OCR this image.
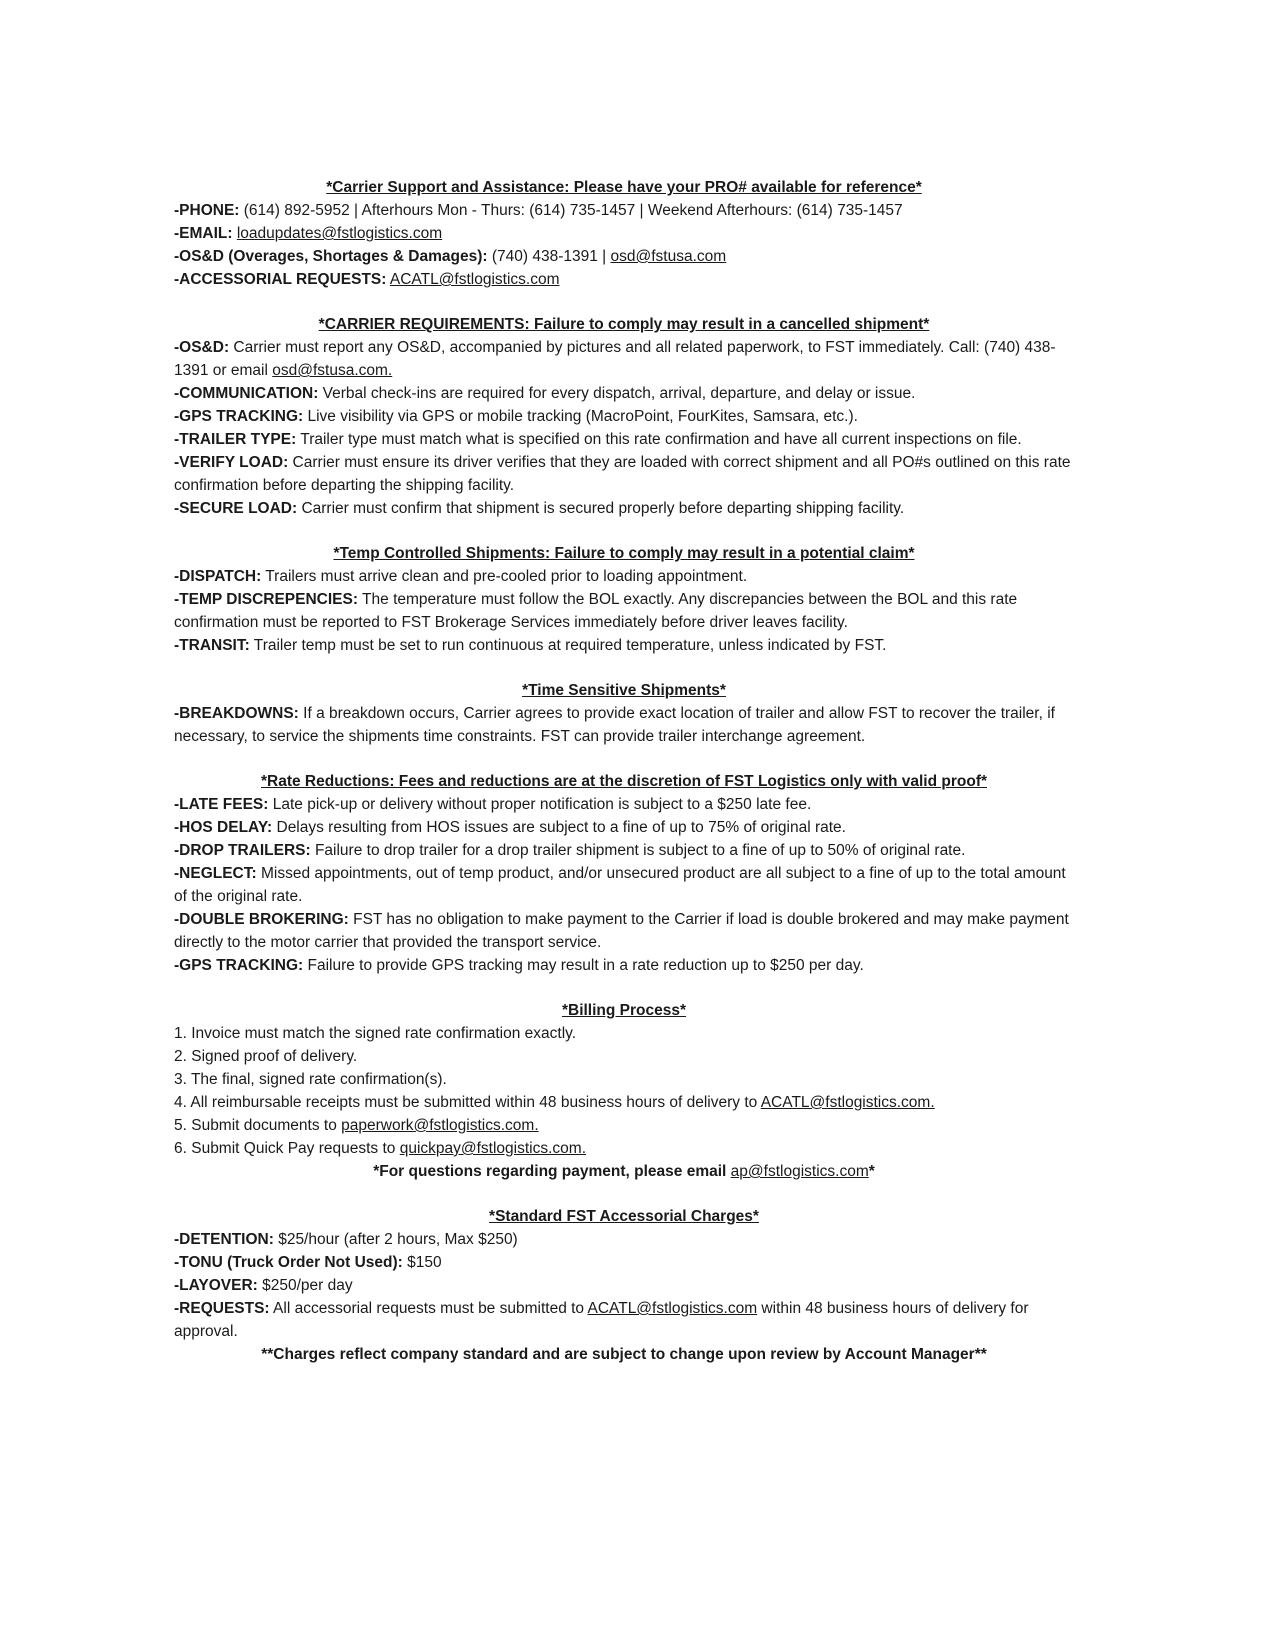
*Carrier Support and Assistance: Please have your PRO# available for reference*
-PHONE: (614) 892-5952 | Afterhours Mon - Thurs: (614) 735-1457 | Weekend Afterhours: (614) 735-1457
-EMAIL: loadupdates@fstlogistics.com
-OS&D (Overages, Shortages & Damages): (740) 438-1391 | osd@fstusa.com
-ACCESSORIAL REQUESTS: ACATL@fstlogistics.com
*CARRIER REQUIREMENTS: Failure to comply may result in a cancelled shipment*
-OS&D: Carrier must report any OS&D, accompanied by pictures and all related paperwork, to FST immediately. Call: (740) 438-1391 or email osd@fstusa.com.
-COMMUNICATION: Verbal check-ins are required for every dispatch, arrival, departure, and delay or issue.
-GPS TRACKING: Live visibility via GPS or mobile tracking (MacroPoint, FourKites, Samsara, etc.).
-TRAILER TYPE: Trailer type must match what is specified on this rate confirmation and have all current inspections on file.
-VERIFY LOAD: Carrier must ensure its driver verifies that they are loaded with correct shipment and all PO#s outlined on this rate confirmation before departing the shipping facility.
-SECURE LOAD: Carrier must confirm that shipment is secured properly before departing shipping facility.
*Temp Controlled Shipments: Failure to comply may result in a potential claim*
-DISPATCH: Trailers must arrive clean and pre-cooled prior to loading appointment.
-TEMP DISCREPENCIES: The temperature must follow the BOL exactly. Any discrepancies between the BOL and this rate confirmation must be reported to FST Brokerage Services immediately before driver leaves facility.
-TRANSIT: Trailer temp must be set to run continuous at required temperature, unless indicated by FST.
*Time Sensitive Shipments*
-BREAKDOWNS: If a breakdown occurs, Carrier agrees to provide exact location of trailer and allow FST to recover the trailer, if necessary, to service the shipments time constraints. FST can provide trailer interchange agreement.
*Rate Reductions: Fees and reductions are at the discretion of FST Logistics only with valid proof*
-LATE FEES: Late pick-up or delivery without proper notification is subject to a $250 late fee.
-HOS DELAY: Delays resulting from HOS issues are subject to a fine of up to 75% of original rate.
-DROP TRAILERS: Failure to drop trailer for a drop trailer shipment is subject to a fine of up to 50% of original rate.
-NEGLECT: Missed appointments, out of temp product, and/or unsecured product are all subject to a fine of up to the total amount of the original rate.
-DOUBLE BROKERING: FST has no obligation to make payment to the Carrier if load is double brokered and may make payment directly to the motor carrier that provided the transport service.
-GPS TRACKING: Failure to provide GPS tracking may result in a rate reduction up to $250 per day.
*Billing Process*
1. Invoice must match the signed rate confirmation exactly.
2. Signed proof of delivery.
3. The final, signed rate confirmation(s).
4. All reimbursable receipts must be submitted within 48 business hours of delivery to ACATL@fstlogistics.com.
5. Submit documents to paperwork@fstlogistics.com.
6. Submit Quick Pay requests to quickpay@fstlogistics.com.
*For questions regarding payment, please email ap@fstlogistics.com*
*Standard FST Accessorial Charges*
-DETENTION: $25/hour (after 2 hours, Max $250)
-TONU (Truck Order Not Used): $150
-LAYOVER: $250/per day
-REQUESTS: All accessorial requests must be submitted to ACATL@fstlogistics.com within 48 business hours of delivery for approval.
**Charges reflect company standard and are subject to change upon review by Account Manager**
